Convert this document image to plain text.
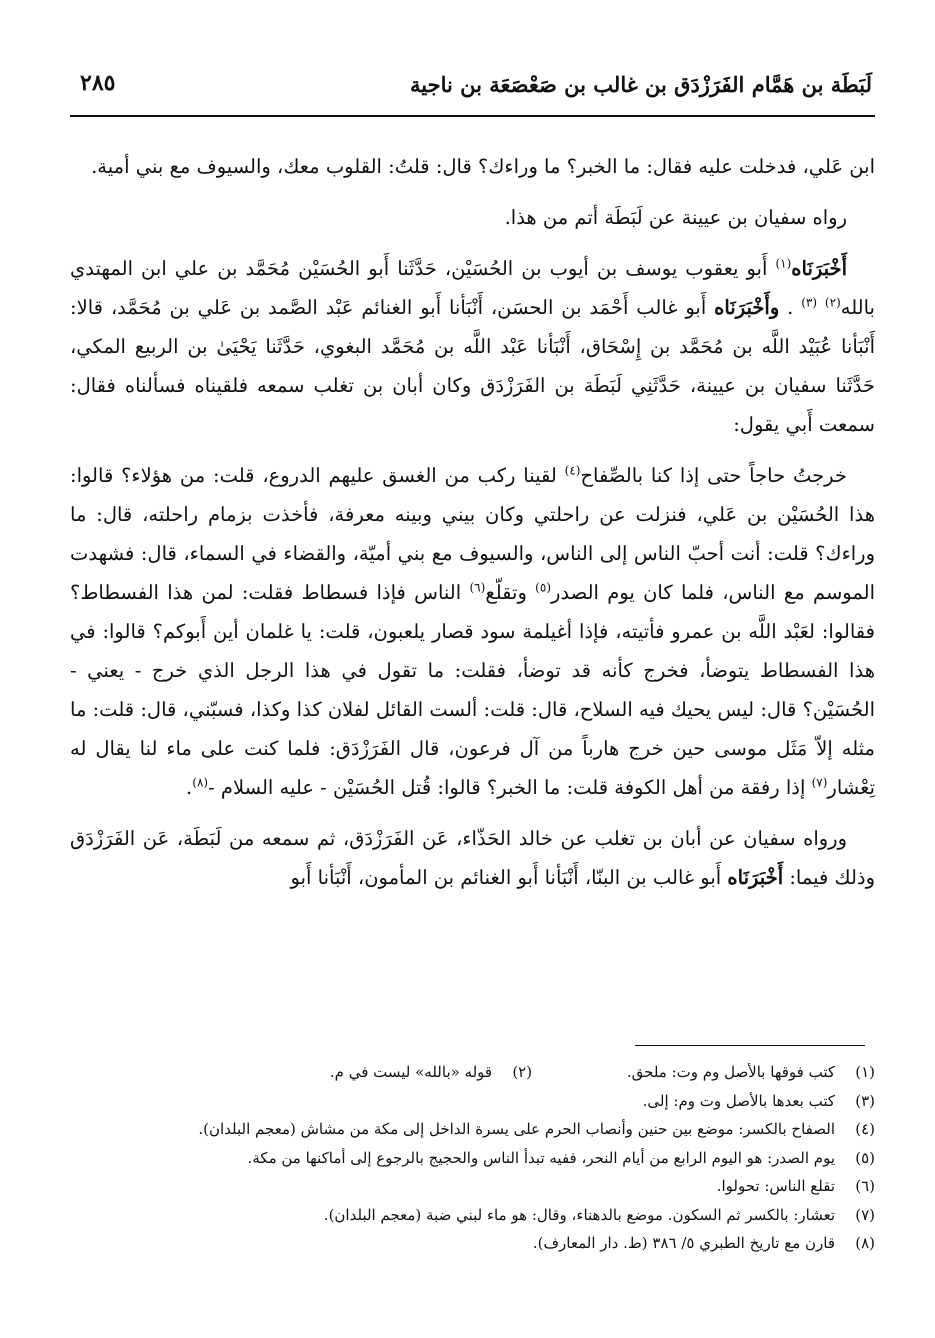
لَبَطَة بن هَمَّام الفَرَزْدَق بن غالب بن صَعْصَعَة بن ناجية
٢٨٥

ابن عَلي، فدخلت عليه فقال: ما الخبر؟ ما وراءك؟ قال: قلتُ: القلوب معك، والسيوف مع بني أمية.

رواه سفيان بن عيينة عن لَبَطَة أتم من هذا.

أَخْبَرَنَاه$^{(١)}$ أَبو يعقوب يوسف بن أيوب بن الحُسَيْن، حَدَّثَنا أَبو الحُسَيْن مُحَمَّد بن علي ابن المهتدي بالله$^{(٢)}$ $^{(٣)}$ . وأَخْبَرَنَاه أَبو غالب أَحْمَد بن الحسَن، أَنْبَأنا أَبو الغنائم عَبْد الصَّمد بن عَلي بن مُحَمَّد، قالا: أَنْبَأنا عُبَيْد اللَّه بن مُحَمَّد بن إِسْحَاق، أَنْبَأنا عَبْد اللَّه بن مُحَمَّد البغوي، حَدَّثَنا يَحْيَىٰ بن الربيع المكي، حَدَّثَنا سفيان بن عيينة، حَدَّثَنِي لَبَطَة بن الفَرَزْدَق وكان أبان بن تغلب سمعه فلقيناه فسألناه فقال: سمعت أَبي يقول:

خرجتُ حاجاً حتى إذا كنا بالصِّفاح$^{(٤)}$ لقينا ركب من الغسق عليهم الدروع، قلت: من هؤلاء؟ قالوا: هذا الحُسَيْن بن عَلي، فنزلت عن راحلتي وكان بيني وبينه معرفة، فأخذت بزمام راحلته، قال: ما وراءك؟ قلت: أنت أحبّ الناس إلى الناس، والسيوف مع بني أميّة، والقضاء في السماء، قال: فشهدت الموسم مع الناس، فلما كان يوم الصدر$^{(٥)}$ وتقلّع$^{(٦)}$ الناس فإذا فسطاط فقلت: لمن هذا الفسطاط؟ فقالوا: لعَبْد اللَّه بن عمرو فأتيته، فإذا أغيلمة سود قصار يلعبون، قلت: يا غلمان أين أَبوكم؟ قالوا: في هذا الفسطاط يتوضأ، فخرج كأنه قد توضأ، فقلت: ما تقول في هذا الرجل الذي خرج - يعني - الحُسَيْن؟ قال: ليس يحيك فيه السلاح، قال: قلت: ألست القائل لفلان كذا وكذا، فسبّني، قال: قلت: ما مثله إلاّ مَثَل موسى حين خرج هارباً من آل فرعون، قال الفَرَزْدَق: فلما كنت على ماء لنا يقال له تِعْشار$^{(٧)}$ إذا رفقة من أهل الكوفة قلت: ما الخبر؟ قالوا: قُتل الحُسَيْن - عليه السلام -$^{(٨)}$.

ورواه سفيان عن أبان بن تغلب عن خالد الحَذّاء، عَن الفَرَزْدَق، ثم سمعه من لَبَطَة، عَن الفَرَزْدَق وذلك فيما: أَخْبَرَنَاه أَبو غالب بن البنّا، أَنْبَأنا أَبو الغنائم بن المأمون، أَنْبَأنا أَبو

(١)كتب فوقها بالأصل وم وت: ملحق. (٢)قوله «بالله» ليست في م.

(٣)كتب بعدها بالأصل وت وم: إلى.

(٤)الصفاح بالكسر: موضع بين حنين وأنصاب الحرم على يسرة الداخل إلى مكة من مشاش (معجم البلدان).

(٥)يوم الصدر: هو اليوم الرابع من أيام النحر، ففيه تبدأ الناس والحجيج بالرجوع إلى أماكنها من مكة.

(٦)تقلع الناس: تحولوا.

(٧)تعشار: بالكسر ثم السكون. موضع بالدهناء، وقال: هو ماء لبني ضبة (معجم البلدان).

(٨)قارن مع تاريخ الطبري ٥/ ٣٨٦ (ط. دار المعارف).
